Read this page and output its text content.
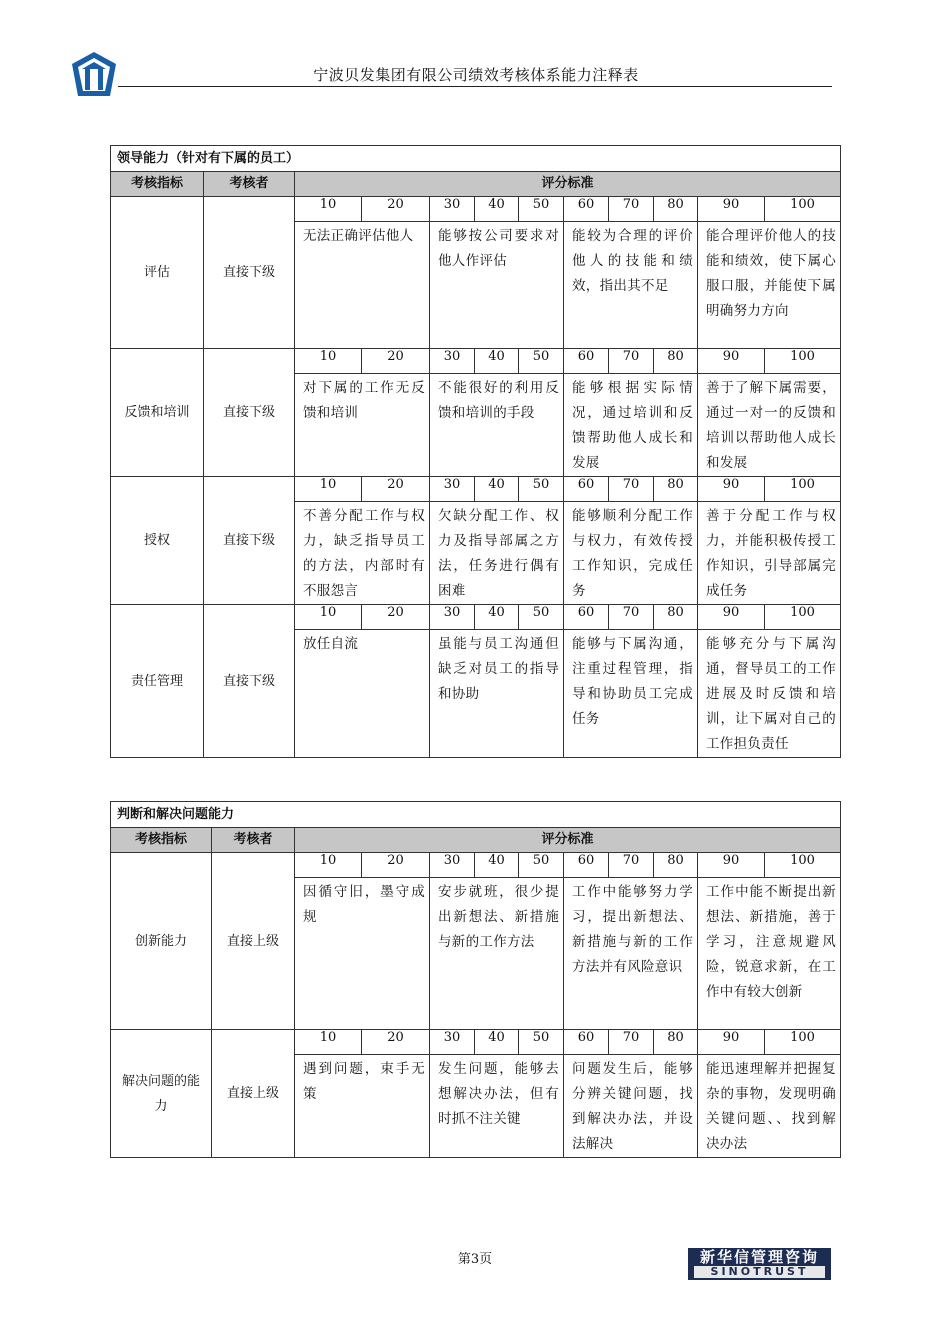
宁波贝发集团有限公司绩效考核体系能力注释表
领导能力（针对有下属的员工）											
考核指标	考核者	评分标准									
评估	直接下级	10	20	30	40	50	60	70	80	90	100
		无法正确评估他人		能够按公司要求对他人作评估			能较为合理的评价他人的技能和绩效，指出其不足			能合理评价他人的技能和绩效，使下属心服口服，并能使下属明确努力方向	
反馈和培训	直接下级	10	20	30	40	50	60	70	80	90	100
		对下属的工作无反馈和培训		不能很好的利用反馈和培训的手段			能够根据实际情况，通过培训和反馈帮助他人成长和发展			善于了解下属需要，通过一对一的反馈和培训以帮助他人成长和发展	
授权	直接下级	10	20	30	40	50	60	70	80	90	100
		不善分配工作与权力，缺乏指导员工的方法，内部时有不服怨言		欠缺分配工作、权力及指导部属之方法，任务进行偶有困难			能够顺利分配工作与权力，有效传授工作知识，完成任务			善于分配工作与权力，并能积极传授工作知识，引导部属完成任务	
责任管理	直接下级	10	20	30	40	50	60	70	80	90	100
		放任自流		虽能与员工沟通但缺乏对员工的指导和协助			能够与下属沟通，注重过程管理，指导和协助员工完成任务			能够充分与下属沟通，督导员工的工作进展及时反馈和培训，让下属对自己的工作担负责任	
判断和解决问题能力											
考核指标	考核者	评分标准									
创新能力	直接上级	10	20	30	40	50	60	70	80	90	100
		因循守旧，墨守成规		安步就班，很少提出新想法、新措施与新的工作方法			工作中能够努力学习，提出新想法、新措施与新的工作方法并有风险意识			工作中能不断提出新想法、新措施，善于学习，注意规避风险，锐意求新，在工作中有较大创新	
解决问题的能力	直接上级	10	20	30	40	50	60	70	80	90	100
		遇到问题，束手无策		发生问题，能够去想解决办法，但有时抓不注关键			问题发生后，能够分辨关键问题，找到解决办法，并设法解决			能迅速理解并把握复杂的事物，发现明确关键问题、、找到解决办法	
第3页	新华信管理咨询
SINOTRUST
